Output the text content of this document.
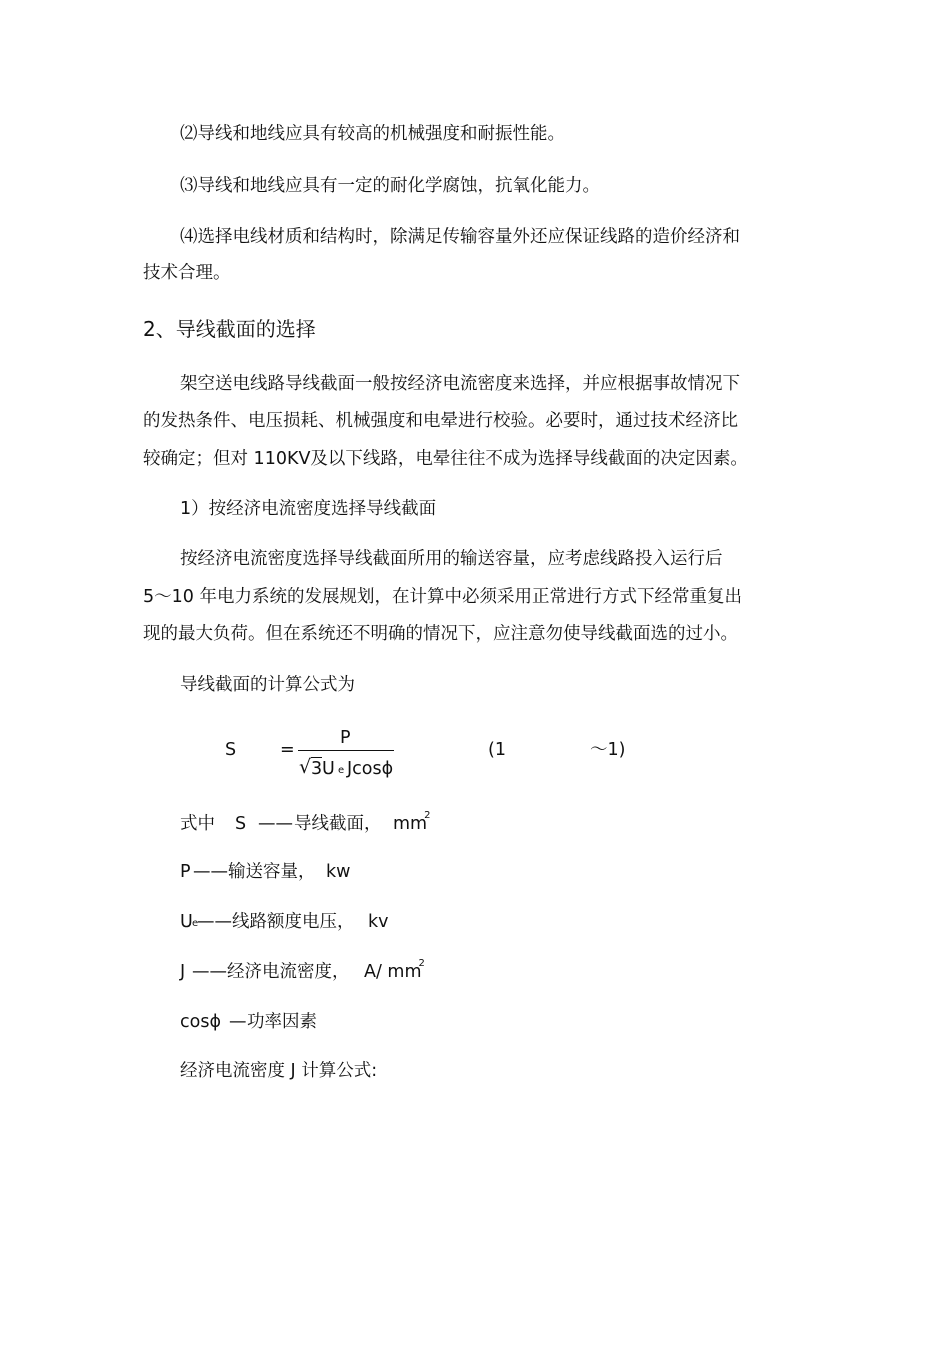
⑵导线和地线应具有较高的机械强度和耐振性能。

⑶导线和地线应具有一定的耐化学腐蚀，抗氧化能力。

⑷选择电线材质和结构时，除满足传输容量外还应保证线路的造价经济和

技术合理。

2、导线截面的选择

架空送电线路导线截面一般按经济电流密度来选择，并应根据事故情况下

的发热条件、电压损耗、机械强度和电晕进行校验。必要时，通过技术经济比

较确定；但对 110KV及以下线路，电晕往往不成为选择导线截面的决定因素。

1）按经济电流密度选择导线截面

按经济电流密度选择导线截面所用的输送容量，应考虑线路投入运行后

5～10 年电力系统的发展规划，在计算中必须采用正常进行方式下经常重复出

现的最大负荷。但在系统还不明确的情况下，应注意勿使导线截面选的过小。

导线截面的计算公式为

S	=
P
√ 3 U $_e$ Jcosϕ
(1	～1)
式中 S —— 导线截面， $mm^2$
P —— 输送容量， kw
U $_e$
—— 线路额度电压， kv
J —— 经济电流密度， A/ $mm^2$
cosϕ — 功率因素

经济电流密度 J 计算公式:
